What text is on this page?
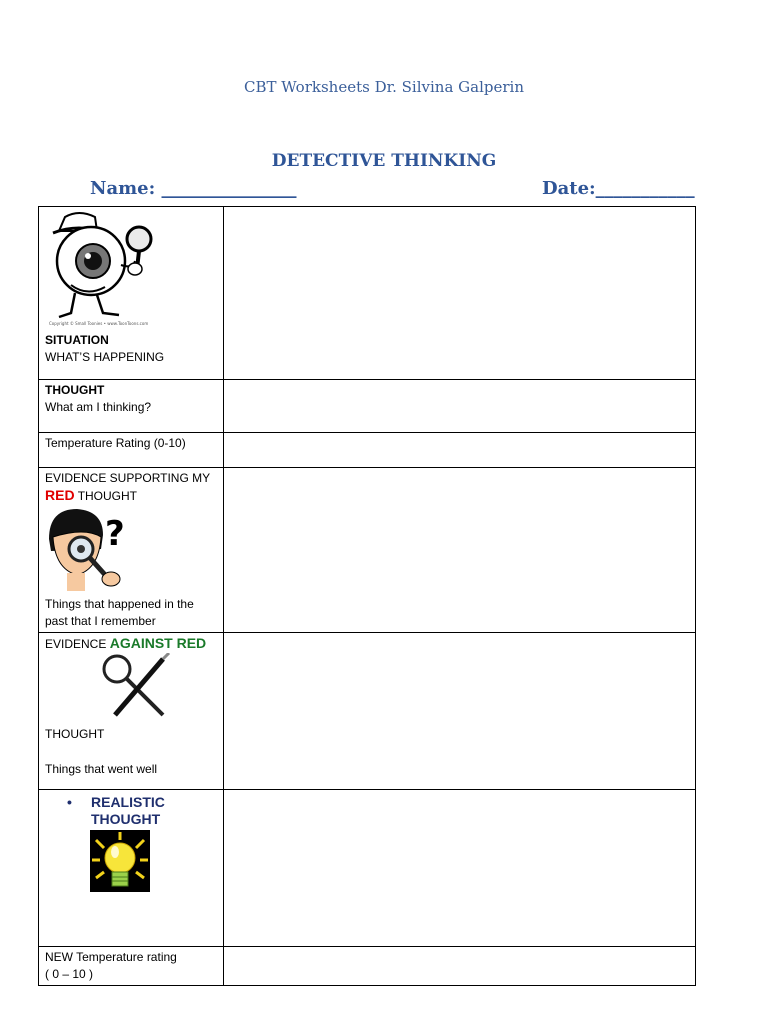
CBT Worksheets Dr. Silvina Galperin
DETECTIVE THINKING
Name: _______________	Date:___________
Copyright © Small Toonies • www.ToonToons.com
SITUATION
WHAT’S HAPPENING	

THOUGHT
What am I thinking?	

Temperature Rating (0-10)	

EVIDENCE SUPPORTING MY
RED THOUGHT
?
Things that happened in the past that I remember	

EVIDENCE AGAINST RED
THOUGHT
Things that went well	

• REALISTIC
THOUGHT	

NEW Temperature rating
( 0 – 10 )	
